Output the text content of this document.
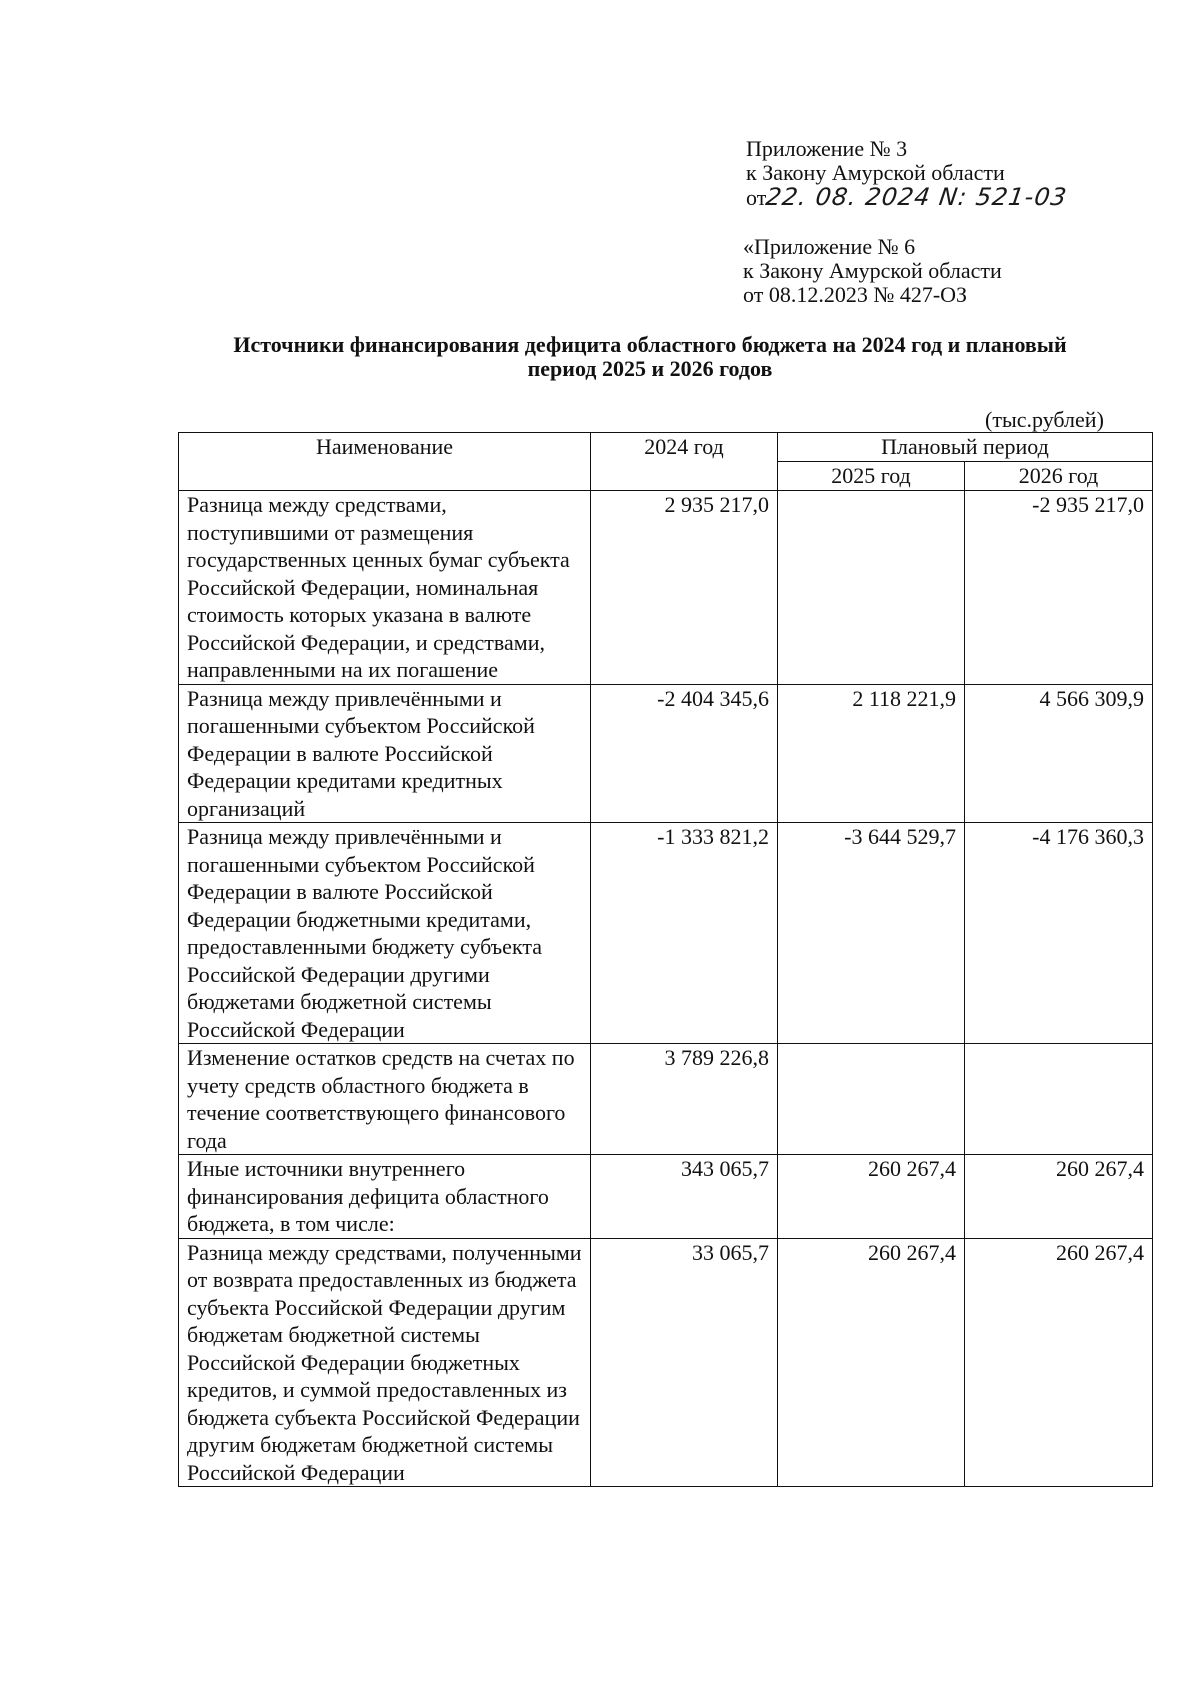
Приложение № 3
к Закону Амурской области
от22. 08. 2024 N: 521-03
«Приложение № 6
к Закону Амурской области
от 08.12.2023 № 427-ОЗ
Источники финансирования дефицита областного бюджета на 2024 год и плановый
период 2025 и 2026 годов
(тыс.рублей)
Наименование	2024 год	Плановый период	
		2025 год	2026 год
Разница между средствами, поступившими от размещения государственных ценных бумаг субъекта Российской Федерации, номинальная стоимость которых указана в валюте Российской Федерации, и средствами, направленными на их погашение	2 935 217,0		-2 935 217,0
Разница между привлечёнными и погашенными субъектом Российской Федерации в валюте Российской Федерации кредитами кредитных организаций	-2 404 345,6	2 118 221,9	4 566 309,9
Разница между привлечёнными и погашенными субъектом Российской Федерации в валюте Российской Федерации бюджетными кредитами, предоставленными бюджету субъекта Российской Федерации другими бюджетами бюджетной системы Российской Федерации	-1 333 821,2	-3 644 529,7	-4 176 360,3
Изменение остатков средств на счетах по учету средств областного бюджета в течение соответствующего финансового года	3 789 226,8		
Иные источники внутреннего финансирования дефицита областного бюджета, в том числе:	343 065,7	260 267,4	260 267,4
Разница между средствами, полученными от возврата предоставленных из бюджета субъекта Российской Федерации другим бюджетам бюджетной системы Российской Федерации бюджетных кредитов, и суммой предоставленных из бюджета субъекта Российской Федерации другим бюджетам бюджетной системы Российской Федерации	33 065,7	260 267,4	260 267,4
